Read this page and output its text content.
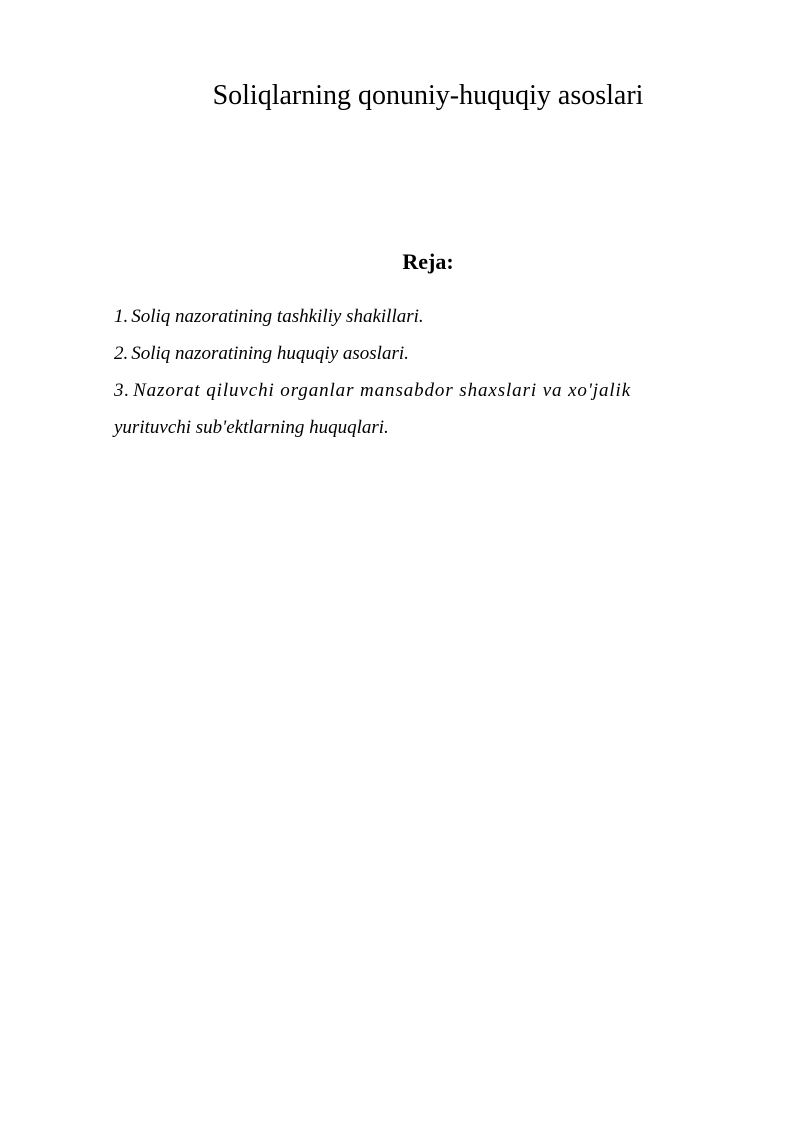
Soliqlarning qonuniy-huquqiy asoslari
Reja:
1. Soliq nazoratining tashkiliy shakillari.
2. Soliq nazoratining huquqiy asoslari.
3. Nazorat qiluvchi organlar mansabdor shaxslari va xo'jalik
yurituvchi sub'ektlarning huquqlari.
